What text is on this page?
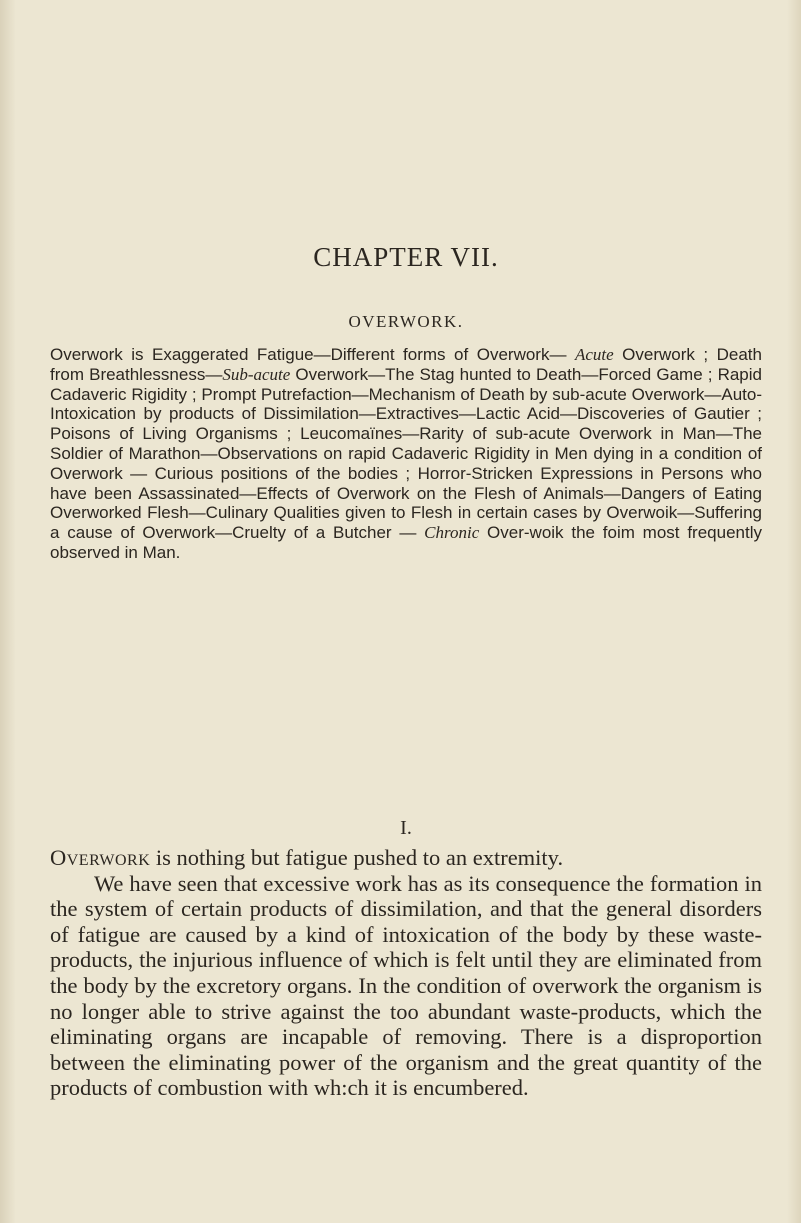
CHAPTER VII.
OVERWORK.

Overwork is Exaggerated Fatigue—Different forms of Overwork— Acute Overwork ; Death from Breathlessness—Sub-acute Overwork—The Stag hunted to Death—Forced Game ; Rapid Cadaveric Rigidity ; Prompt Putrefaction—Mechanism of Death by sub-acute Overwork—Auto-Intoxication by products of Dissimilation—Extractives—Lactic Acid—Discoveries of Gautier ; Poisons of Living Organisms ; Leucomaïnes—Rarity of sub-acute Overwork in Man—The Soldier of Marathon—Observations on rapid Cadaveric Rigidity in Men dying in a condition of Overwork — Curious positions of the bodies ; Horror-Stricken Expressions in Persons who have been Assassinated—Effects of Overwork on the Flesh of Animals—Dangers of Eating Overworked Flesh—Culinary Qualities given to Flesh in certain cases by Overwoik—Suffering a cause of Overwork—Cruelty of a Butcher — Chronic Over-woik the foim most frequently observed in Man.

I.

Overwork is nothing but fatigue pushed to an extremity.

We have seen that excessive work has as its consequence the formation in the system of certain products of dissimilation, and that the general disorders of fatigue are caused by a kind of intoxication of the body by these waste-products, the injurious influence of which is felt until they are eliminated from the body by the excretory organs. In the condition of overwork the organism is no longer able to strive against the too abundant waste-products, which the eliminating organs are incapable of removing. There is a disproportion between the eliminating power of the organism and the great quantity of the products of combustion with wh:ch it is encumbered.
